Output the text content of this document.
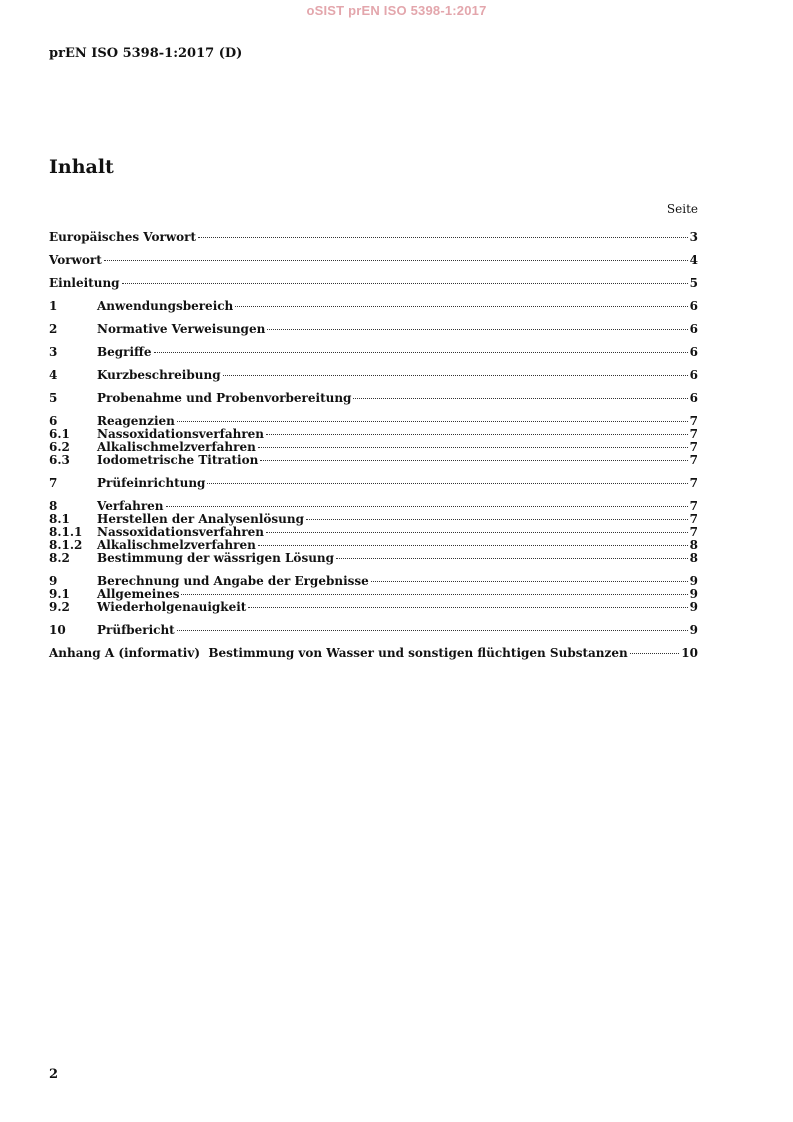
oSIST prEN ISO 5398-1:2017
prEN ISO 5398-1:2017 (D)
Inhalt
Seite
Europäisches Vorwort	3
Vorwort	4
Einleitung	5
1	Anwendungsbereich	6
2	Normative Verweisungen	6
3	Begriffe	6
4	Kurzbeschreibung	6
5	Probenahme und Probenvorbereitung	6
6	Reagenzien	7
6.1	Nassoxidationsverfahren	7
6.2	Alkalischmelzverfahren	7
6.3	Iodometrische Titration	7
7	Prüfeinrichtung	7
8	Verfahren	7
8.1	Herstellen der Analysenlösung	7
8.1.1	Nassoxidationsverfahren	7
8.1.2	Alkalischmelzverfahren	8
8.2	Bestimmung der wässrigen Lösung	8
9	Berechnung und Angabe der Ergebnisse	9
9.1	Allgemeines	9
9.2	Wiederholgenauigkeit	9
10	Prüfbericht	9
Anhang A (informativ)  Bestimmung von Wasser und sonstigen flüchtigen Substanzen	10
2
